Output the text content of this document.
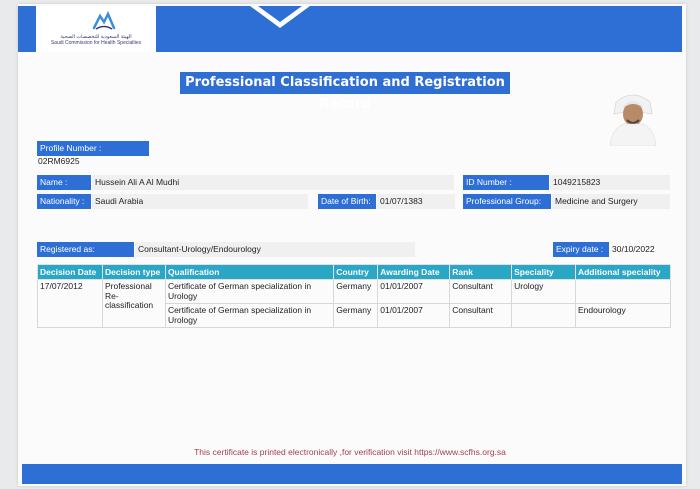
الهيئة السعودية للتخصصات الصحية
Saudi Commission for Health Specialties
Professional Classification and Registration Record
Profile Number :
02RM6925
Name :	Hussein Ali A Al Mudhi	ID Number :	1049215823
Nationality :	Saudi Arabia	Date of Birth:	01/07/1383	Professional Group:	Medicine and Surgery
Registered as:	Consultant-Urology/Endourology	Expiry date :	30/10/2022
Decision Date	Decision type	Qualification	Country	Awarding Date	Rank	Speciality	Additional speciality
17/07/2012	Professional Re-classification	Certificate of German specialization in Urology	Germany	01/01/2007	Consultant	Urology	
		Certificate of German specialization in Urology	Germany	01/01/2007	Consultant		Endourology
This certificate is printed electronically ,for verification visit https://www.scfhs.org.sa
